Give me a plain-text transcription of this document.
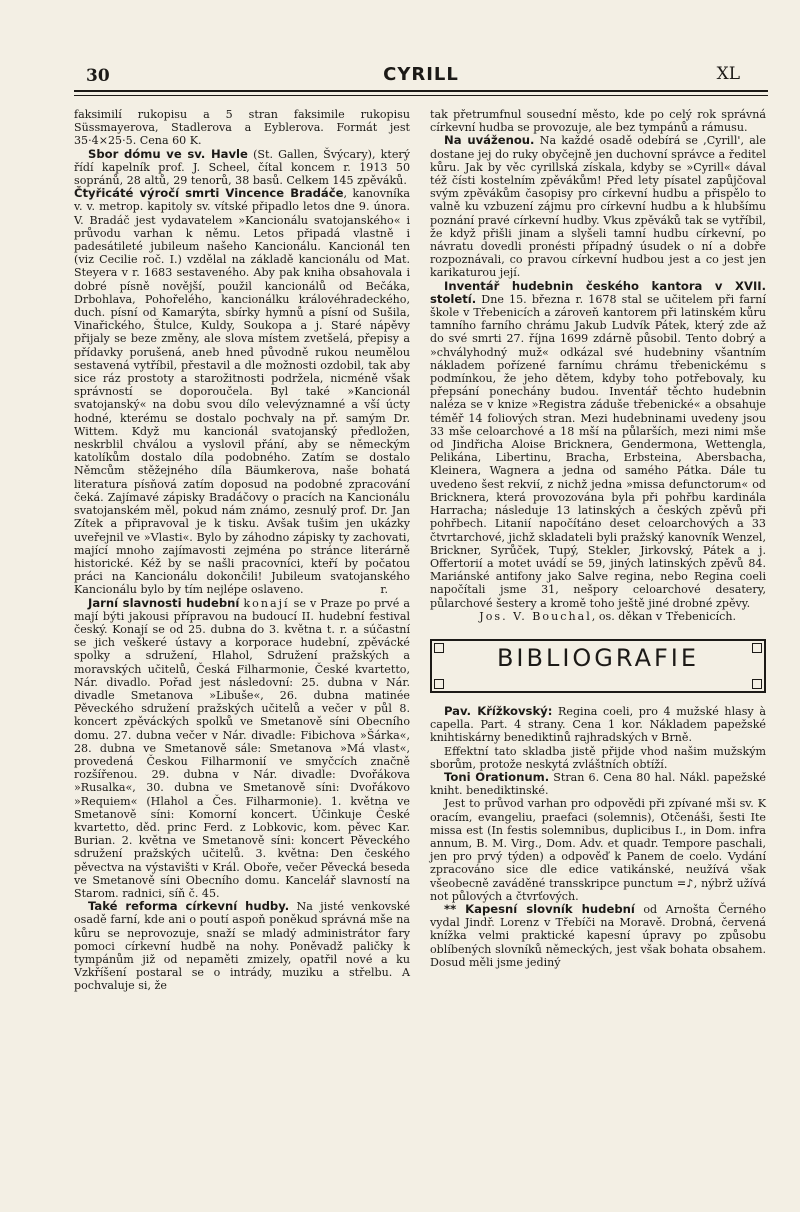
30	CYRILL	XL

faksimilí rukopisu a 5 stran faksimile rukopisu Süssmayerova, Stadlerova a Eyblerova. Formát jest 35·4×25·5. Cena 60 K.

Sbor dómu ve sv. Havle (St. Gallen, Švýcary), který řídí kapelník prof. J. Scheel, čítal koncem r. 1913 50 sopránů, 28 altů, 29 tenorů, 38 basů. Celkem 145 zpěváků.

Čtyřicáté výročí smrti Vincence Bradáče, kanovníka v. v. metrop. kapitoly sv. vítské připadlo letos dne 9. února. V. Bradáč jest vydavatelem »Kancionálu svatojanského« i průvodu varhan k němu. Letos připadá vlastně i padesátileté jubileum našeho Kancionálu. Kancionál ten (viz Cecilie roč. I.) vzdělal na základě kancionálu od Mat. Steyera v r. 1683 sestaveného. Aby pak kniha obsahovala i dobré písně novější, použil kancionálů od Bečáka, Drbohlava, Pohořelého, kancionálku královéhradeckého, duch. písní od Kamarýta, sbírky hymnů a písní od Sušila, Vinařického, Štulce, Kuldy, Soukopa a j. Staré nápěvy přijaly se beze změny, ale slova místem zvetšelá, přepisy a přídavky porušená, aneb hned původně rukou neumělou sestavená vytříbil, přestavil a dle možnosti ozdobil, tak aby sice ráz prostoty a starožitnosti podržela, nicméně však správností se doporoučela. Byl také »Kancionál svatojanský« na dobu svou dílo velevýznamné a vší úcty hodné, kterému se dostalo pochvaly na př. samým Dr. Wittem. Když mu kancionál svatojanský předložen, neskrblil chválou a vyslovil přání, aby se německým katolíkům dostalo díla podobného. Zatím se dostalo Němcům stěžejného díla Bäumkerova, naše bohatá literatura písňová zatím doposud na podobné zpracování čeká. Zajímavé zápisky Bradáčovy o pracích na Kancionálu svatojanském měl, pokud nám známo, zesnulý prof. Dr. Jan Zítek a připravoval je k tisku. Avšak tušim jen ukázky uveřejnil ve »Vlasti«. Bylo by záhodno zápisky ty zachovati, mající mnoho zajímavosti zejména po stránce literárně historické. Kéž by se našli pracovníci, kteří by počatou práci na Kancionálu dokončili! Jubileum svatojanského Kancionálu bylo by tím nejlépe oslaveno.	r.

Jarní slavnosti hudební konají se v Praze po prvé a mají býti jakousi přípravou na budoucí II. hudební festival český. Konají se od 25. dubna do 3. května t. r. a súčastní se jich veškeré ústavy a korporace hudební, zpěvácké spolky a sdružení, Hlahol, Sdružení pražských a moravských učitelů, Česká Filharmonie, České kvartetto, Nár. divadlo. Pořad jest následovní: 25. dubna v Nár. divadle Smetanova »Libuše«, 26. dubna matinée Pěveckého sdružení pražských učitelů a večer v půl 8. koncert zpěváckých spolků ve Smetanově síni Obecního domu. 27. dubna večer v Nár. divadle: Fibichova »Šárka«, 28. dubna ve Smetanově sále: Smetanova »Má vlast«, provedená Českou Filharmonií ve smyčcích značně rozšířenou. 29. dubna v Nár. divadle: Dvořákova »Rusalka«, 30. dubna ve Smetanově síni: Dvořákovo »Requiem« (Hlahol a Čes. Filharmonie). 1. května ve Smetanově síni: Komorní koncert. Účinkuje České kvartetto, děd. princ Ferd. z Lobkovic, kom. pěvec Kar. Burian. 2. května ve Smetanově síni: koncert Pěveckého sdružení pražských učitelů. 3. května: Den českého pěvectva na výstavišti v Král. Oboře, večer Pěvecká beseda ve Smetanově síni Obecního domu. Kancelář slavností na Starom. radnici, síň č. 45.

Také reforma církevní hudby. Na jisté venkovské osadě farní, kde ani o poutí aspoň poněkud správná mše na kůru se neprovozuje, snaží se mladý administrátor fary pomoci církevní hudbě na nohy. Poněvadž paličky k tympánům již od nepaměti zmizely, opatřil nové a ku Vzkříšení postaral se o intrády, muziku a střelbu. A pochvaluje si, že

tak přetrumfnul sousední město, kde po celý rok správná církevní hudba se provozuje, ale bez tympánů a rámusu.

Na uváženou. Na každé osadě odebírá se ,Cyrill', ale dostane jej do ruky obyčejně jen duchovní správce a ředitel kůru. Jak by věc cyrillská získala, kdyby se »Cyrill« dával též čísti kostelním zpěvákům! Před lety písatel zapůjčoval svým zpěvákům časopisy pro církevní hudbu a přispělo to valně ku vzbuzení zájmu pro církevní hudbu a k hlubšímu poznání pravé církevní hudby. Vkus zpěváků tak se vytříbil, že když přišli jinam a slyšeli tamní hudbu církevní, po návratu dovedli pronésti případný úsudek o ní a dobře rozpoznávali, co pravou církevní hudbou jest a co jest jen karikaturou její.

Inventář hudebnin českého kantora v XVII. století. Dne 15. března r. 1678 stal se učitelem při farní škole v Třebenicích a zároveň kantorem při latinském kůru tamního farního chrámu Jakub Ludvík Pátek, který zde až do své smrti 27. října 1699 zdárně působil. Tento dobrý a »chvályhodný muž« odkázal své hudebniny všantním nákladem pořízené farnímu chrámu třebenickému s podmínkou, že jeho dětem, kdyby toho potřebovaly, ku přepsání ponechány budou. Inventář těchto hudebnin naléza se v knize »Registra záduše třebenické« a obsahuje téměř 14 foliových stran. Mezi hudebninami uvedeny jsou 33 mše celoarchové a 18 mší na půlarších, mezi nimi mše od Jindřicha Aloise Bricknera, Gendermona, Wettengla, Pelikána, Libertinu, Bracha, Erbsteina, Abersbacha, Kleinera, Wagnera a jedna od samého Pátka. Dále tu uvedeno šest rekvií, z nichž jedna »missa defunctorum« od Bricknera, která provozována byla při pohřbu kardinála Harracha; následuje 13 latinských a českých zpěvů při pohřbech. Litanií napočítáno deset celoarchových a 33 čtvrtarchové, jichž skladateli byli pražský kanovník Wenzel, Brickner, Syrůček, Tupý, Stekler, Jirkovský, Pátek a j. Offertorií a motet uvádí se 59, jiných latinských zpěvů 84. Mariánské antifony jako Salve regina, nebo Regina coeli napočítali jsme 31, nešpory celoarchové desatery, půlarchové šestery a kromě toho ještě jiné drobné zpěvy.

Jos. V. Bouchal, os. děkan v Třebenicích.

BIBLIOGRAFIE

Pav. Křížkovský: Regina coeli, pro 4 mužské hlasy à capella. Part. 4 strany. Cena 1 kor. Nákladem papežské knihtiskárny benediktinů rajhradských v Brně.

Effektní tato skladba jistě přijde vhod našim mužským sborům, protože neskytá zvláštních obtíží.

Toni Orationum. Stran 6. Cena 80 hal. Nákl. papežské kniht. benediktinské.

Jest to průvod varhan pro odpovědi při zpívané mši sv. K oracím, evangeliu, praefaci (solemnis), Otčenáši, šesti Ite missa est (In festis solemnibus, duplicibus I., in Dom. infra annum, B. M. Virg., Dom. Adv. et quadr. Tempore paschali, jen pro prvý týden) a odpověď k Panem de coelo. Vydání zpracováno sice dle edice vatikánské, neužívá však všeobecně zaváděné transskripce punctum =♪, nýbrž užívá not půlových a čtvrťových.

** Kapesní slovník hudební od Arnošta Černého vydal Jindř. Lorenz v Třebíči na Moravě. Drobná, červená knížka velmi praktické kapesní úpravy po způsobu oblíbených slovníků německých, jest však bohata obsahem. Dosud měli jsme jediný
